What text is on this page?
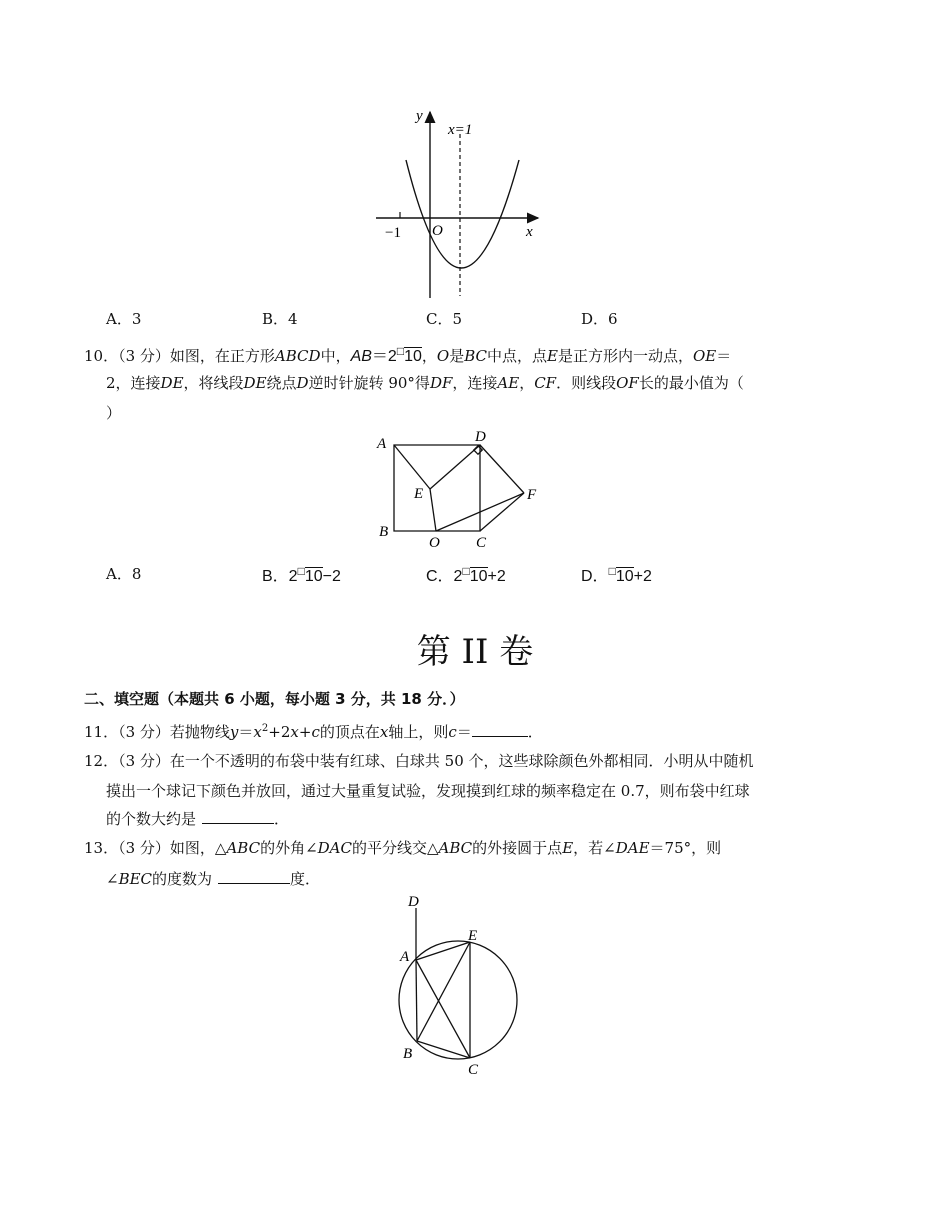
y
x=1
x
−1 O
A．3	B．4	C．5	D．6
10．（3 分）如图，在正方形ABCD中，AB＝2□10，O是BC中点，点E是正方形内一动点，OE＝
2，连接DE，将线段DE绕点D逆时针旋转 90°得DF，连接AE，CF．则线段OF长的最小值为（
）
A	D
E	F
B
O C
A．8	B．2□10−2	C．2□10+2	D．□10+2
第 II 卷
二、填空题（本题共 6 小题，每小题 3 分，共 18 分．）
11．（3 分）若抛物线$y=x^2+2x+c$的顶点在x轴上，则c＝	．
12．（3 分）在一个不透明的布袋中装有红球、白球共 50 个，这些球除颜色外都相同．小明从中随机
摸出一个球记下颜色并放回，通过大量重复试验，发现摸到红球的频率稳定在 0.7，则布袋中红球
的个数大约是	．
13．（3 分）如图，△ABC的外角∠DAC的平分线交△ABC的外接圆于点E，若∠DAE＝75°，则
∠BEC的度数为	度．
D
E
A
B
C
